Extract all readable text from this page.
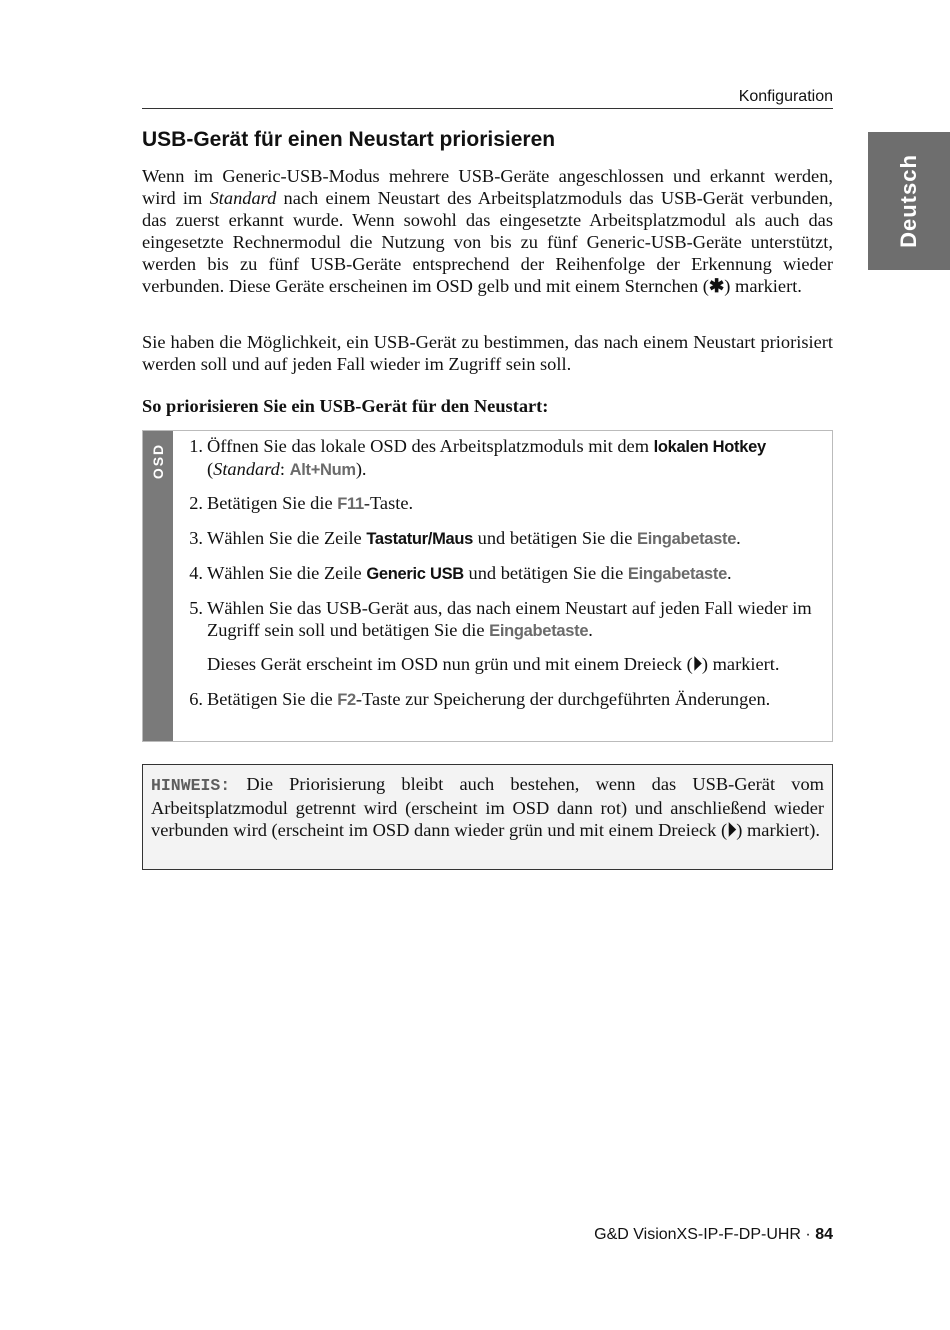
Konfiguration
Deutsch
USB-Gerät für einen Neustart priorisieren

Wenn im Generic-USB-Modus mehrere USB-Geräte angeschlossen und erkannt werden, wird im Standard nach einem Neustart des Arbeitsplatzmoduls das USB-Gerät verbunden, das zuerst erkannt wurde. Wenn sowohl das eingesetzte Arbeitsplatzmodul als auch das eingesetzte Rechnermodul die Nutzung von bis zu fünf Generic-USB-Geräte unterstützt, werden bis zu fünf USB-Geräte entsprechend der Reihenfolge der Erkennung wieder verbunden. Diese Geräte erscheinen im OSD gelb und mit einem Sternchen (✱) markiert.

Sie haben die Möglichkeit, ein USB-Gerät zu bestimmen, das nach einem Neustart priorisiert werden soll und auf jeden Fall wieder im Zugriff sein soll.

So priorisieren Sie ein USB-Gerät für den Neustart:

OSD	1. Öffnen Sie das lokale OSD des Arbeitsplatzmoduls mit dem lokalen Hotkey
(Standard: Alt+Num).
2. Betätigen Sie die F11-Taste.
3. Wählen Sie die Zeile Tastatur/Maus und betätigen Sie die Eingabetaste.
4. Wählen Sie die Zeile Generic USB und betätigen Sie die Eingabetaste.
5. Wählen Sie das USB-Gerät aus, das nach einem Neustart auf jeden Fall wieder im Zugriff sein soll und betätigen Sie die Eingabetaste.
Dieses Gerät erscheint im OSD nun grün und mit einem Dreieck (⏵) markiert.
6. Betätigen Sie die F2-Taste zur Speicherung der durchgeführten Änderungen.
HINWEIS: Die Priorisierung bleibt auch bestehen, wenn das USB-Gerät vom Arbeitsplatzmodul getrennt wird (erscheint im OSD dann rot) und anschließend wieder verbunden wird (erscheint im OSD dann wieder grün und mit einem Dreieck (⏵) markiert).
G&D VisionXS-IP-F-DP-UHR · 84
